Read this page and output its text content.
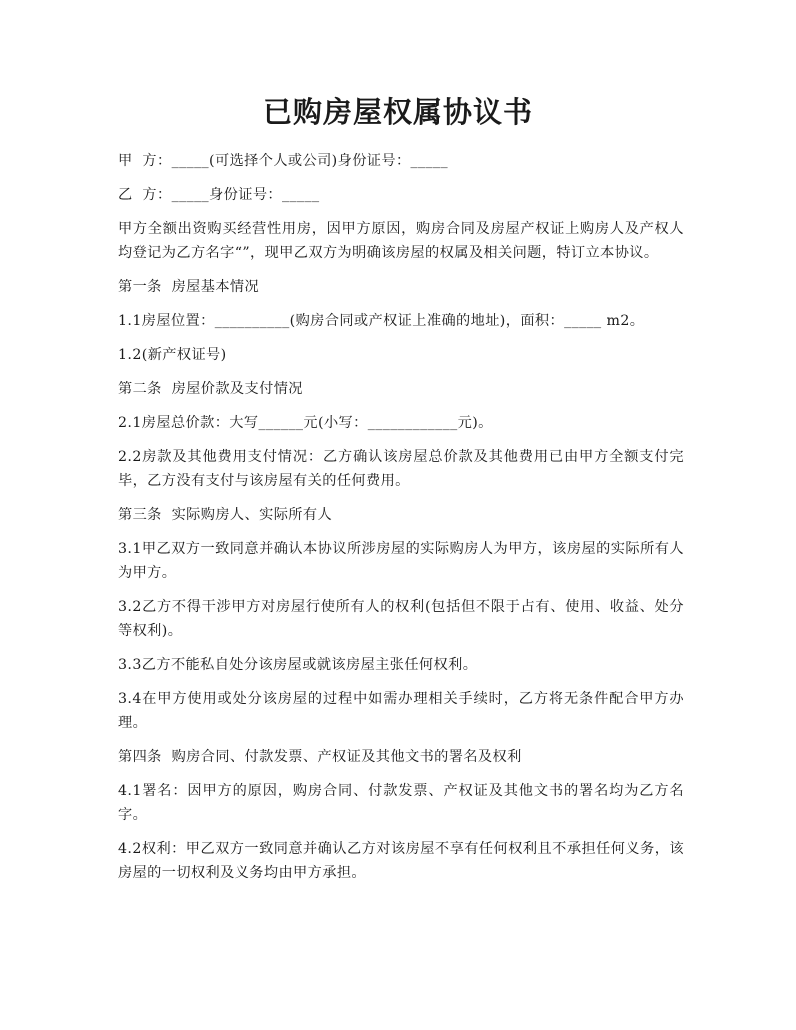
已购房屋权属协议书

甲  方：_____(可选择个人或公司)身份证号：_____

乙  方：_____身份证号：_____

甲方全额出资购买经营性用房，因甲方原因，购房合同及房屋产权证上购房人及产权人均登记为乙方名字“”，现甲乙双方为明确该房屋的权属及相关问题，特订立本协议。

第一条  房屋基本情况

1.1房屋位置：__________(购房合同或产权证上准确的地址)，面积：_____ m2。

1.2(新产权证号)

第二条  房屋价款及支付情况

2.1房屋总价款：大写______元(小写：____________元)。

2.2房款及其他费用支付情况：乙方确认该房屋总价款及其他费用已由甲方全额支付完毕，乙方没有支付与该房屋有关的任何费用。

第三条  实际购房人、实际所有人

3.1甲乙双方一致同意并确认本协议所涉房屋的实际购房人为甲方，该房屋的实际所有人为甲方。

3.2乙方不得干涉甲方对房屋行使所有人的权利(包括但不限于占有、使用、收益、处分等权利)。

3.3乙方不能私自处分该房屋或就该房屋主张任何权利。

3.4在甲方使用或处分该房屋的过程中如需办理相关手续时，乙方将无条件配合甲方办理。

第四条  购房合同、付款发票、产权证及其他文书的署名及权利

4.1署名：因甲方的原因，购房合同、付款发票、产权证及其他文书的署名均为乙方名字。

4.2权利：甲乙双方一致同意并确认乙方对该房屋不享有任何权利且不承担任何义务，该房屋的一切权利及义务均由甲方承担。
